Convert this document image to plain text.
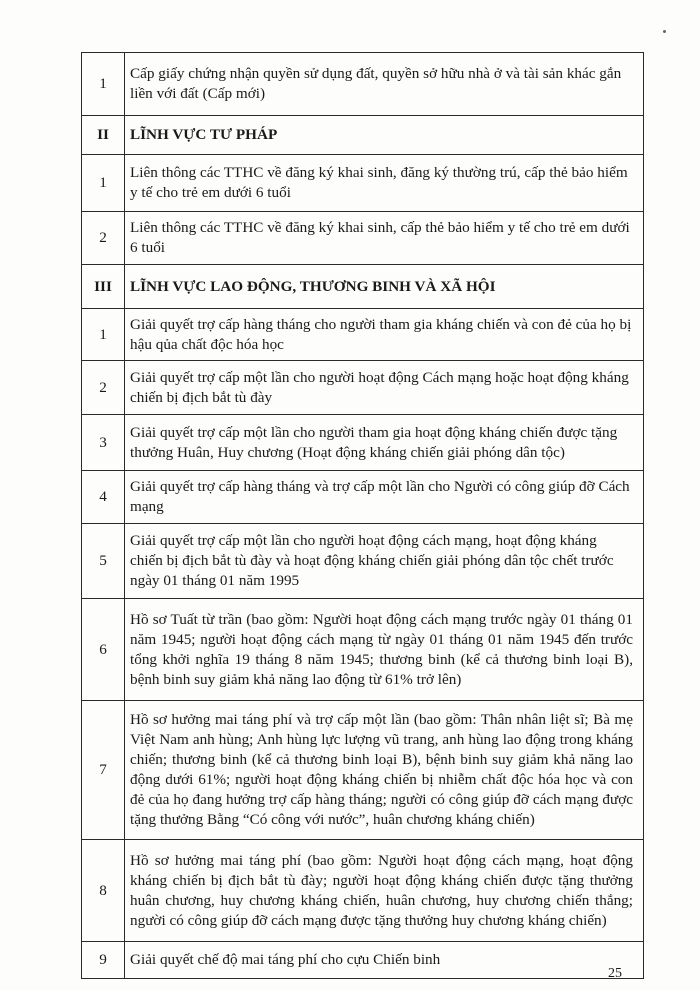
1	Cấp giấy chứng nhận quyền sử dụng đất, quyền sở hữu nhà ở và tài sản khác gắn liền với đất (Cấp mới)
II	LĨNH VỰC TƯ PHÁP
1	Liên thông các TTHC về đăng ký khai sinh, đăng ký thường trú, cấp thẻ bảo hiểm y tế cho trẻ em dưới 6 tuổi
2	Liên thông các TTHC về đăng ký khai sinh, cấp thẻ bảo hiểm y tế cho trẻ em dưới 6 tuổi
III	LĨNH VỰC LAO ĐỘNG, THƯƠNG BINH VÀ XÃ HỘI
1	Giải quyết trợ cấp hàng tháng cho người tham gia kháng chiến và con đẻ của họ bị hậu qủa chất độc hóa học
2	Giải quyết trợ cấp một lần cho người hoạt động Cách mạng hoặc hoạt động kháng chiến bị địch bắt tù đày
3	Giải quyết trợ cấp một lần cho người tham gia hoạt động kháng chiến được tặng thưởng Huân, Huy chương (Hoạt động kháng chiến giải phóng dân tộc)
4	Giải quyết trợ cấp hàng tháng và trợ cấp một lần cho Người có công giúp đỡ Cách mạng
5	Giải quyết trợ cấp một lần cho người hoạt động cách mạng, hoạt động kháng chiến bị địch bắt tù đày và hoạt động kháng chiến giải phóng dân tộc chết trước ngày 01 tháng 01 năm 1995
6	Hồ sơ Tuất từ trần (bao gồm: Người hoạt động cách mạng trước ngày 01 tháng 01 năm 1945; người hoạt động cách mạng từ ngày 01 tháng 01 năm 1945 đến trước tổng khởi nghĩa 19 tháng 8 năm 1945; thương binh (kể cả thương binh loại B), bệnh binh suy giảm khả năng lao động từ 61% trở lên)
7	Hồ sơ hưởng mai táng phí và trợ cấp một lần (bao gồm: Thân nhân liệt sĩ; Bà mẹ Việt Nam anh hùng; Anh hùng lực lượng vũ trang, anh hùng lao động trong kháng chiến; thương binh (kể cả thương binh loại B), bệnh binh suy giảm khả năng lao động dưới 61%; người hoạt động kháng chiến bị nhiễm chất độc hóa học và con đẻ của họ đang hưởng trợ cấp hàng tháng; người có công giúp đỡ cách mạng được tặng thưởng Bằng “Có công với nước”, huân chương kháng chiến)
8	Hồ sơ hưởng mai táng phí (bao gồm: Người hoạt động cách mạng, hoạt động kháng chiến bị địch bắt tù đày; người hoạt động kháng chiến được tặng thưởng huân chương, huy chương kháng chiến, huân chương, huy chương chiến thắng; người có công giúp đỡ cách mạng được tặng thưởng huy chương kháng chiến)
9	Giải quyết chế độ mai táng phí cho cựu Chiến binh
25
